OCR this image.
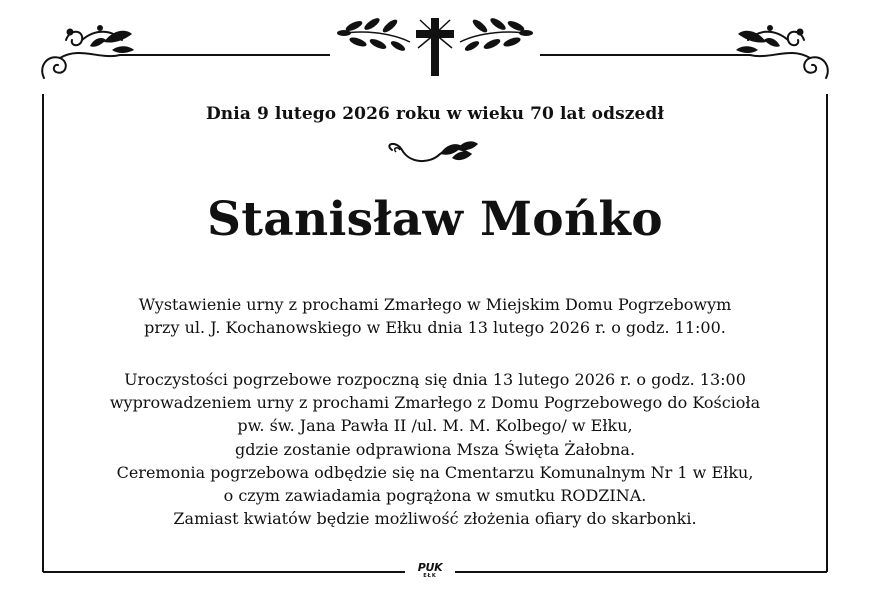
Dnia 9 lutego 2026 roku w wieku 70 lat odszedł
Stanisław Mońko
Wystawienie urny z prochami Zmarłego w Miejskim Domu Pogrzebowym
przy ul. J. Kochanowskiego w Ełku dnia 13 lutego 2026 r. o godz. 11:00.
Uroczystości pogrzebowe rozpoczną się dnia 13 lutego 2026 r. o godz. 13:00
wyprowadzeniem urny z prochami Zmarłego z Domu Pogrzebowego do Kościoła
pw. św. Jana Pawła II /ul. M. M. Kolbego/ w Ełku,
gdzie zostanie odprawiona Msza Święta Żałobna.
Ceremonia pogrzebowa odbędzie się na Cmentarzu Komunalnym Nr 1 w Ełku,
o czym zawiadamia pogrążona w smutku RODZINA.
Zamiast kwiatów będzie możliwość złożenia ofiary do skarbonki.
PUK
EŁK
